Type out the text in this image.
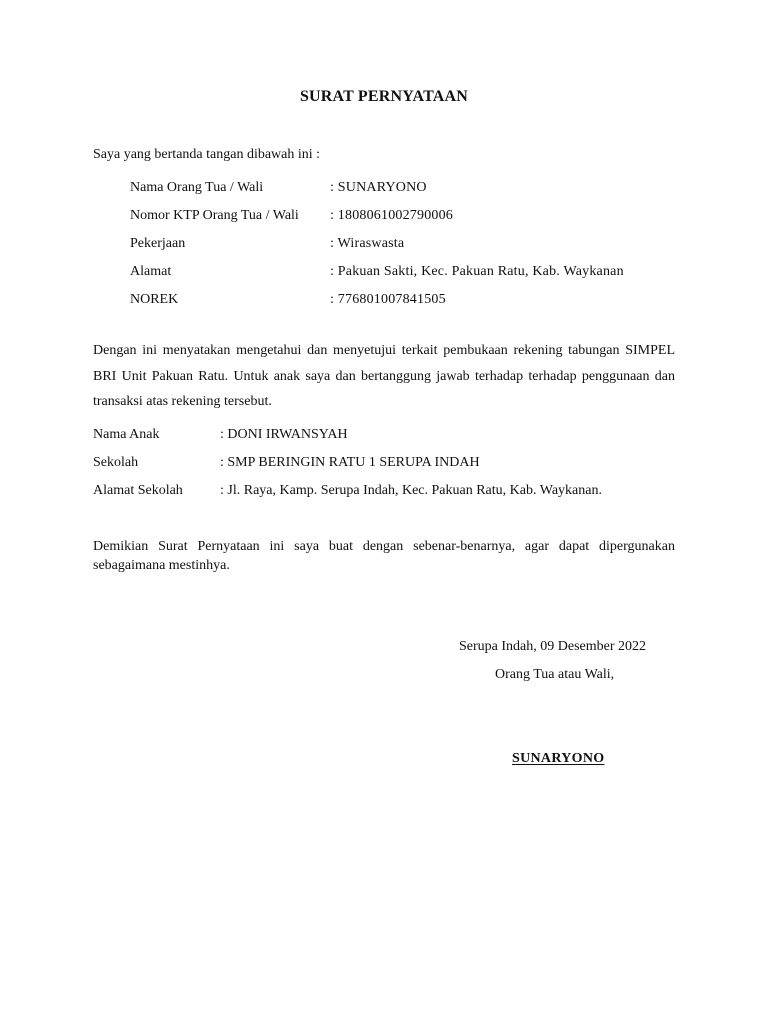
SURAT PERNYATAAN
Saya yang bertanda tangan dibawah ini :
Nama Orang Tua / Wali	: SUNARYONO
Nomor KTP Orang Tua / Wali	: 1808061002790006
Pekerjaan	: Wiraswasta
Alamat	: Pakuan Sakti, Kec. Pakuan Ratu, Kab. Waykanan
NOREK	: 776801007841505
Dengan ini menyatakan mengetahui dan menyetujui terkait pembukaan rekening tabungan SIMPEL BRI Unit Pakuan Ratu. Untuk anak saya dan bertanggung jawab terhadap terhadap penggunaan dan transaksi atas rekening tersebut.
Nama Anak	: DONI IRWANSYAH
Sekolah	: SMP BERINGIN RATU 1 SERUPA INDAH
Alamat Sekolah	: Jl. Raya, Kamp. Serupa Indah, Kec. Pakuan Ratu, Kab. Waykanan.
Demikian Surat Pernyataan ini saya buat dengan sebenar-benarnya, agar dapat dipergunakan sebagaimana mestinhya.
Serupa Indah, 09 Desember 2022
Orang Tua atau Wali,
SUNARYONO
